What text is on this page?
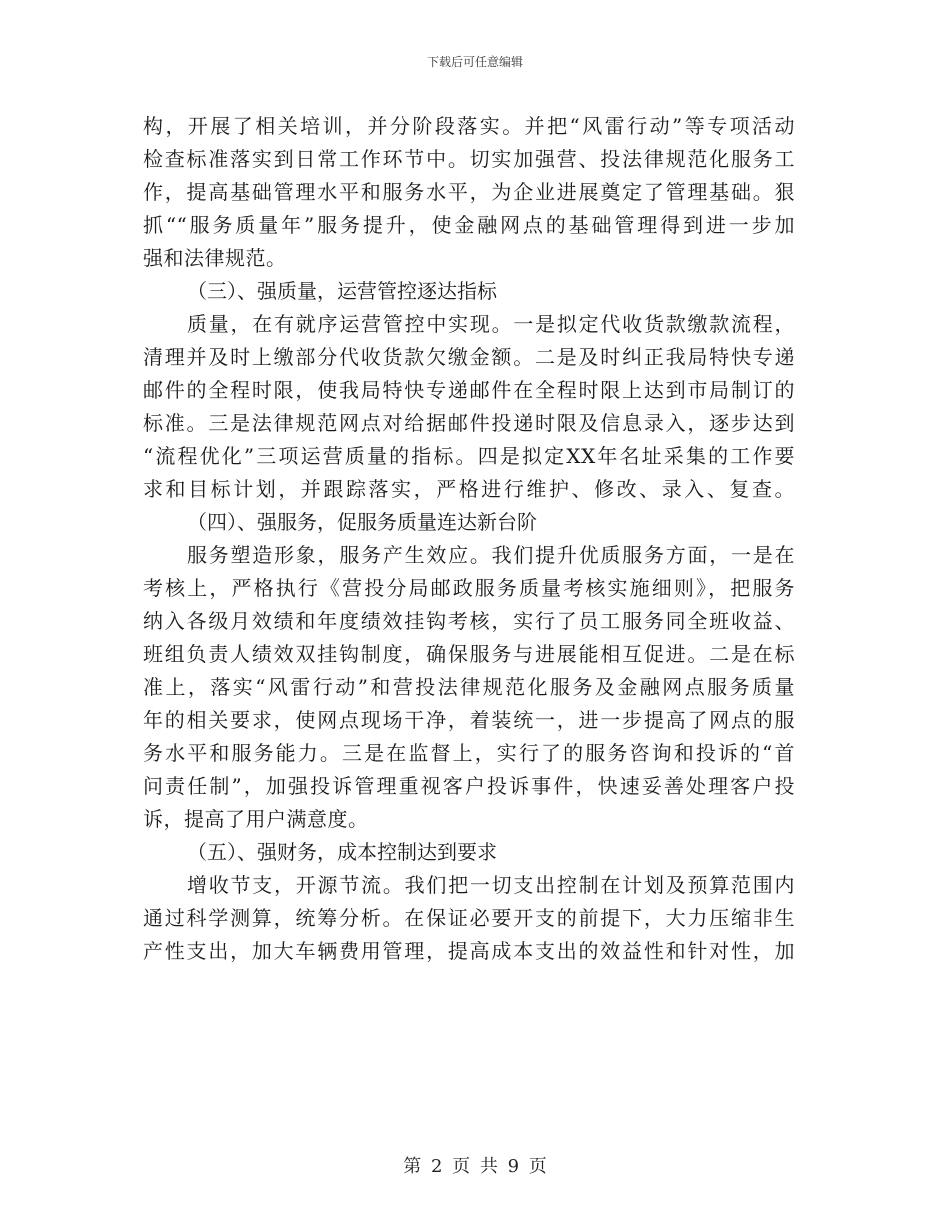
下载后可任意编辑
构，开展了相关培训，并分阶段落实。并把“风雷行动”等专项活动
检查标准落实到日常工作环节中。切实加强营、投法律规范化服务工
作，提高基础管理水平和服务水平，为企业进展奠定了管理基础。狠
抓““服务质量年”服务提升，使金融网点的基础管理得到进一步加
强和法律规范。
（三）、强质量，运营管控逐达指标
质量，在有就序运营管控中实现。一是拟定代收货款缴款流程，
清理并及时上缴部分代收货款欠缴金额。二是及时纠正我局特快专递
邮件的全程时限，使我局特快专递邮件在全程时限上达到市局制订的
标准。三是法律规范网点对给据邮件投递时限及信息录入，逐步达到
“流程优化”三项运营质量的指标。四是拟定XX年名址采集的工作要
求和目标计划，并跟踪落实，严格进行维护、修改、录入、复查。
（四）、强服务，促服务质量连达新台阶
服务塑造形象，服务产生效应。我们提升优质服务方面，一是在
考核上，严格执行《营投分局邮政服务质量考核实施细则》，把服务
纳入各级月效绩和年度绩效挂钩考核，实行了员工服务同全班收益、
班组负责人绩效双挂钩制度，确保服务与进展能相互促进。二是在标
准上，落实“风雷行动”和营投法律规范化服务及金融网点服务质量
年的相关要求，使网点现场干净，着装统一，进一步提高了网点的服
务水平和服务能力。三是在监督上，实行了的服务咨询和投诉的“首
问责任制”，加强投诉管理重视客户投诉事件，快速妥善处理客户投
诉，提高了用户满意度。
（五）、强财务，成本控制达到要求
增收节支，开源节流。我们把一切支出控制在计划及预算范围内
通过科学测算，统筹分析。在保证必要开支的前提下，大力压缩非生
产性支出，加大车辆费用管理，提高成本支出的效益性和针对性，加
第 2 页 共 9 页
